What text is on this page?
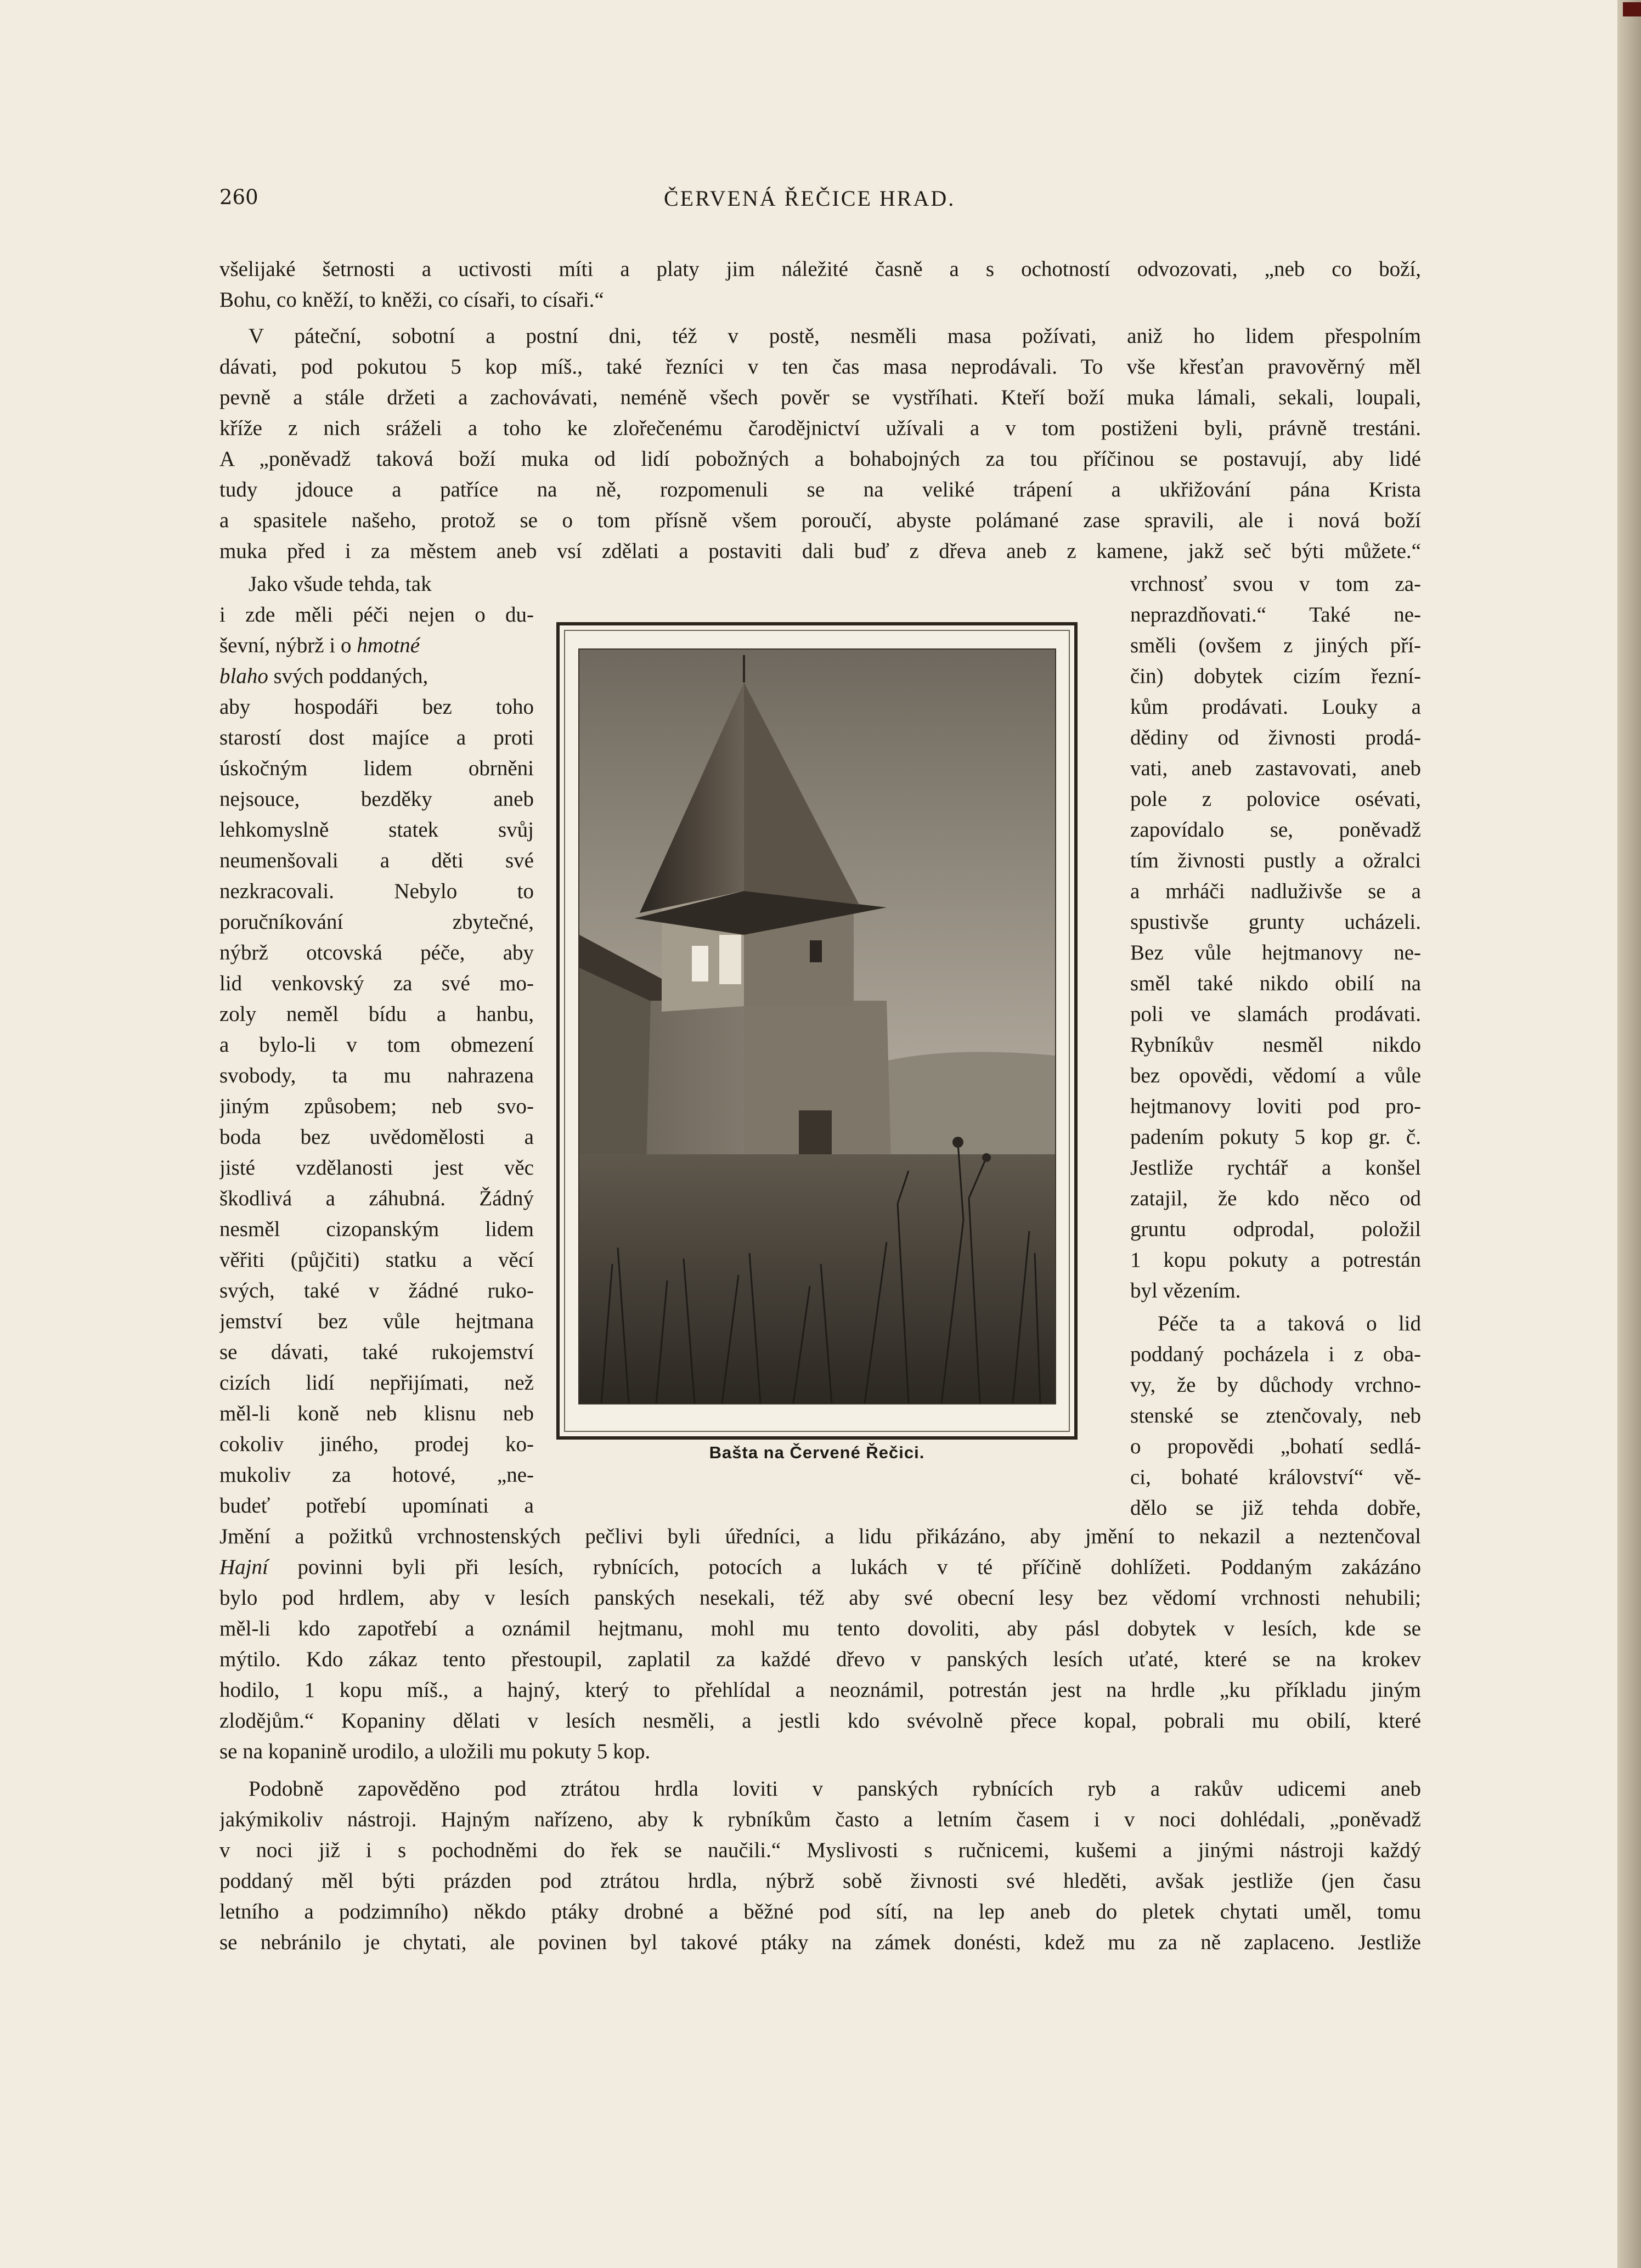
260	ČERVENÁ ŘEČICE HRAD.
všelijaké šetrnosti a uctivosti míti a platy jim náležité časně a s ochotností odvozovati, „neb co boží,
Bohu, co kněží, to kněži, co císaři, to císaři.“
V páteční, sobotní a postní dni, též v postě, nesměli masa požívati, aniž ho lidem přespolním
dávati, pod pokutou 5 kop míš., také řezníci v ten čas masa neprodávali. To vše křesťan pravověrný měl
pevně a stále držeti a zachovávati, neméně všech pověr se vystříhati. Kteří boží muka lámali, sekali, loupali,
kříže z nich sráželi a toho ke zlořečenému čarodějnictví užívali a v tom postiženi byli, právně trestáni.
A „poněvadž taková boží muka od lidí pobožných a bohabojných za tou příčinou se postavují, aby lidé
tudy jdouce a patříce na ně, rozpomenuli se na veliké trápení a ukřižování pána Krista
a spasitele našeho, protož se o tom přísně všem poroučí, abyste polámané zase spravili, ale i nová boží
muka před i za městem aneb vsí zdělati a postaviti dali buď z dřeva aneb z kamene, jakž seč býti můžete.“
Jako všude tehda, tak
i zde měli péči nejen o du-
ševní, nýbrž i o hmotné
blaho svých poddaných,
aby hospodáři bez toho
starostí dost majíce a proti
úskočným lidem obrněni
nejsouce, bezděky aneb
lehkomyslně statek svůj
neumenšovali a děti své
nezkracovali. Nebylo to
poručníkování zbytečné,
nýbrž otcovská péče, aby
lid venkovský za své mo-
zoly neměl bídu a hanbu,
a bylo-li v tom obmezení
svobody, ta mu nahrazena
jiným způsobem; neb svo-
boda bez uvědomělosti a
jisté vzdělanosti jest věc
škodlivá a záhubná. Žádný
nesměl cizopanským lidem
věřiti (půjčiti) statku a věcí
svých, také v žádné ruko-
jemství bez vůle hejtmana
se dávati, také rukojemství
cizích lidí nepřijímati, než
měl-li koně neb klisnu neb
cokoliv jiného, prodej ko-
mukoliv za hotové, „ne-
budeť potřebí upomínati a
vrchnosť svou v tom za-
neprazdňovati.“ Také ne-
směli (ovšem z jiných pří-
čin) dobytek cizím řezní-
kům prodávati. Louky a
dědiny od živnosti prodá-
vati, aneb zastavovati, aneb
pole z polovice osévati,
zapovídalo se, poněvadž
tím živnosti pustly a ožralci
a mrháči nadluživše se a
spustivše grunty ucházeli.
Bez vůle hejtmanovy ne-
směl také nikdo obilí na
poli ve slamách prodávati.
Rybníkův nesměl nikdo
bez opovědi, vědomí a vůle
hejtmanovy loviti pod pro-
padením pokuty 5 kop gr. č.
Jestliže rychtář a konšel
zatajil, že kdo něco od
gruntu odprodal, položil
1 kopu pokuty a potrestán
byl vězením.
Péče ta a taková o lid
poddaný pocházela i z oba-
vy, že by důchody vrchno-
stenské se ztenčovaly, neb
o propovědi „bohatí sedlá-
ci, bohaté království“ vě-
dělo se již tehda dobře,
Bašta na Červené Řečici.
Jmění a požitků vrchnostenských pečlivi byli úředníci, a lidu přikázáno, aby jmění to nekazil a neztenčoval
Hajní povinni byli při lesích, rybnících, potocích a lukách v té příčině dohlížeti. Poddaným zakázáno
bylo pod hrdlem, aby v lesích panských nesekali, též aby své obecní lesy bez vědomí vrchnosti nehubili;
měl-li kdo zapotřebí a oznámil hejtmanu, mohl mu tento dovoliti, aby pásl dobytek v lesích, kde se
mýtilo. Kdo zákaz tento přestoupil, zaplatil za každé dřevo v panských lesích uťaté, které se na krokev
hodilo, 1 kopu míš., a hajný, který to přehlídal a neoznámil, potrestán jest na hrdle „ku příkladu jiným
zlodějům.“ Kopaniny dělati v lesích nesměli, a jestli kdo svévolně přece kopal, pobrali mu obilí, které
se na kopanině urodilo, a uložili mu pokuty 5 kop.
Podobně zapověděno pod ztrátou hrdla loviti v panských rybnících ryb a rakův udicemi aneb
jakýmikoliv nástroji. Hajným nařízeno, aby k rybníkům často a letním časem i v noci dohlédali, „poněvadž
v noci již i s pochodněmi do řek se naučili.“ Myslivosti s ručnicemi, kušemi a jinými nástroji každý
poddaný měl býti prázden pod ztrátou hrdla, nýbrž sobě živnosti své hleděti, avšak jestliže (jen času
letního a podzimního) někdo ptáky drobné a běžné pod sítí, na lep aneb do pletek chytati uměl, tomu
se nebránilo je chytati, ale povinen byl takové ptáky na zámek donésti, kdež mu za ně zaplaceno. Jestliže
